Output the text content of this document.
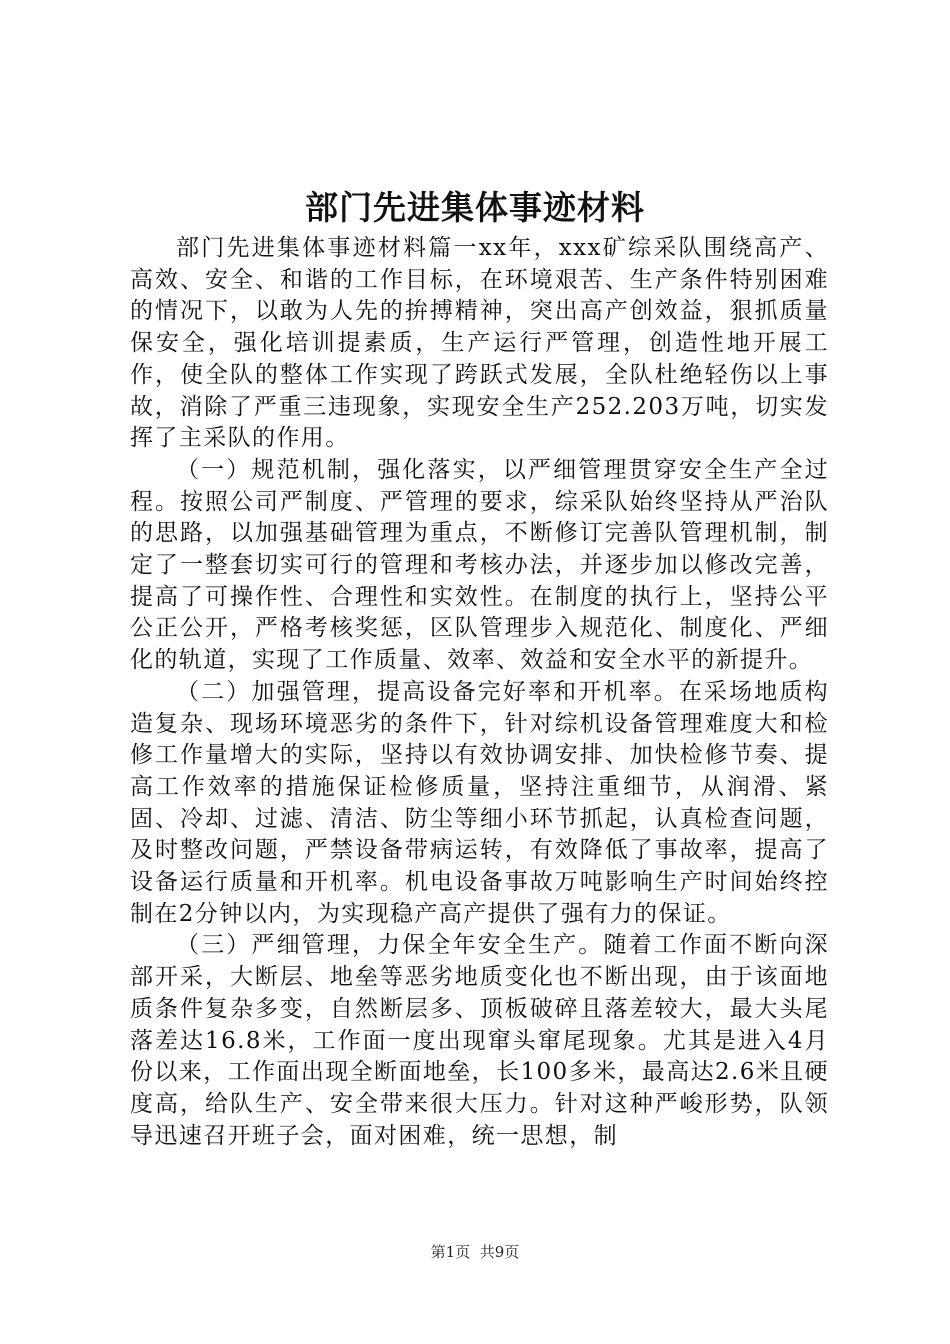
部门先进集体事迹材料

部门先进集体事迹材料篇一xx年，xxx矿综采队围绕高产、高效、安全、和谐的工作目标，在环境艰苦、生产条件特别困难的情况下，以敢为人先的拚搏精神，突出高产创效益，狠抓质量保安全，强化培训提素质，生产运行严管理，创造性地开展工作，使全队的整体工作实现了跨跃式发展，全队杜绝轻伤以上事故，消除了严重三违现象，实现安全生产252.203万吨，切实发挥了主采队的作用。

（一）规范机制，强化落实，以严细管理贯穿安全生产全过程。按照公司严制度、严管理的要求，综采队始终坚持从严治队的思路，以加强基础管理为重点，不断修订完善队管理机制，制定了一整套切实可行的管理和考核办法，并逐步加以修改完善，提高了可操作性、合理性和实效性。在制度的执行上，坚持公平公正公开，严格考核奖惩，区队管理步入规范化、制度化、严细化的轨道，实现了工作质量、效率、效益和安全水平的新提升。

（二）加强管理，提高设备完好率和开机率。在采场地质构造复杂、现场环境恶劣的条件下，针对综机设备管理难度大和检修工作量增大的实际，坚持以有效协调安排、加快检修节奏、提高工作效率的措施保证检修质量，坚持注重细节，从润滑、紧固、冷却、过滤、清洁、防尘等细小环节抓起，认真检查问题，及时整改问题，严禁设备带病运转，有效降低了事故率，提高了设备运行质量和开机率。机电设备事故万吨影响生产时间始终控制在2分钟以内，为实现稳产高产提供了强有力的保证。

（三）严细管理，力保全年安全生产。随着工作面不断向深部开采，大断层、地垒等恶劣地质变化也不断出现，由于该面地质条件复杂多变，自然断层多、顶板破碎且落差较大，最大头尾落差达16.8米，工作面一度出现窜头窜尾现象。尤其是进入4月份以来，工作面出现全断面地垒，长100多米，最高达2.6米且硬度高，给队生产、安全带来很大压力。针对这种严峻形势，队领导迅速召开班子会，面对困难，统一思想，制

第1页 共9页
